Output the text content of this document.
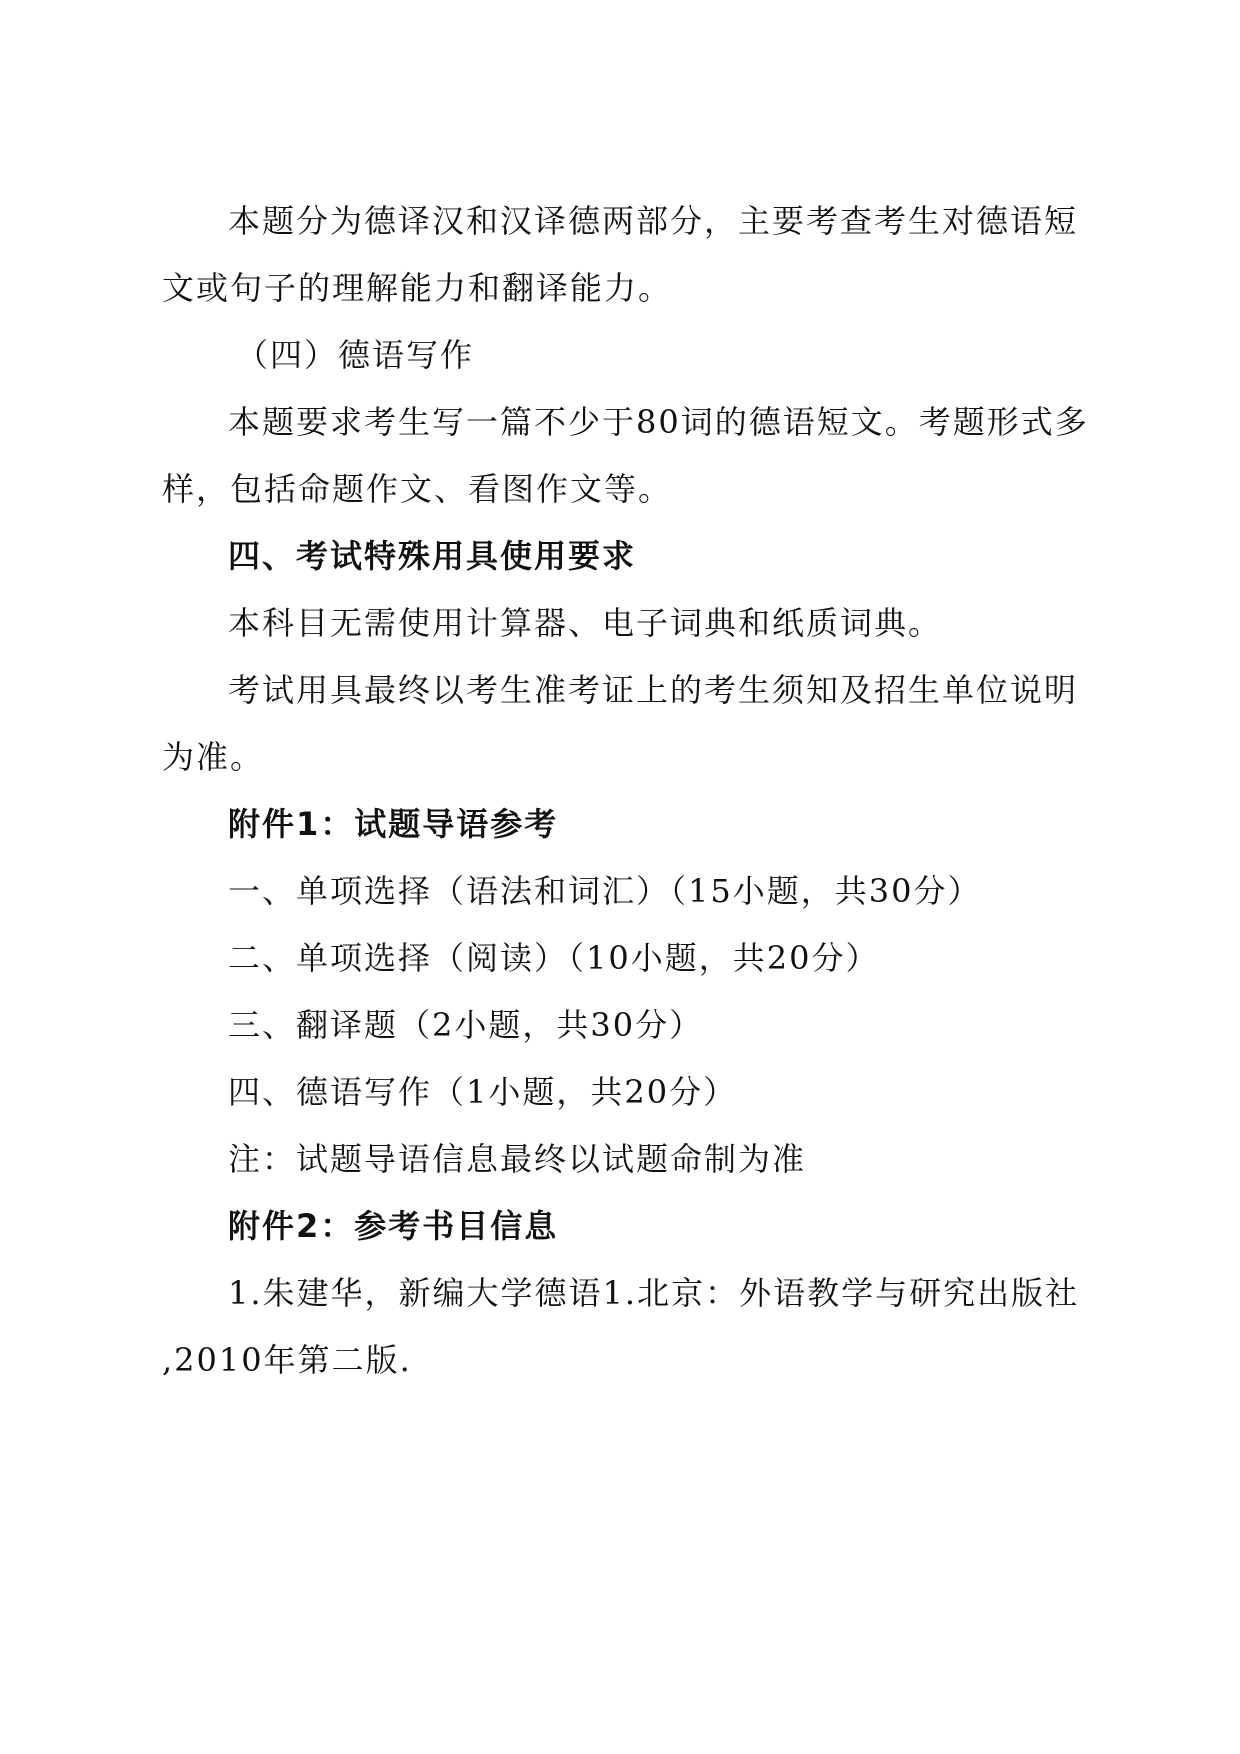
本题分为德译汉和汉译德两部分，主要考查考生对德语短
文或句子的理解能力和翻译能力。
（四）德语写作
本题要求考生写一篇不少于80词的德语短文。考题形式多
样，包括命题作文、看图作文等。
四、考试特殊用具使用要求
本科目无需使用计算器、电子词典和纸质词典。
考试用具最终以考生准考证上的考生须知及招生单位说明
为准。
附件1：试题导语参考
一、单项选择（语法和词汇）（15小题，共30分）
二、单项选择（阅读）（10小题，共20分）
三、翻译题（2小题，共30分）
四、德语写作（1小题，共20分）
注：试题导语信息最终以试题命制为准
附件2：参考书目信息
1.朱建华，新编大学德语1.北京：外语教学与研究出版社
,2010年第二版.
